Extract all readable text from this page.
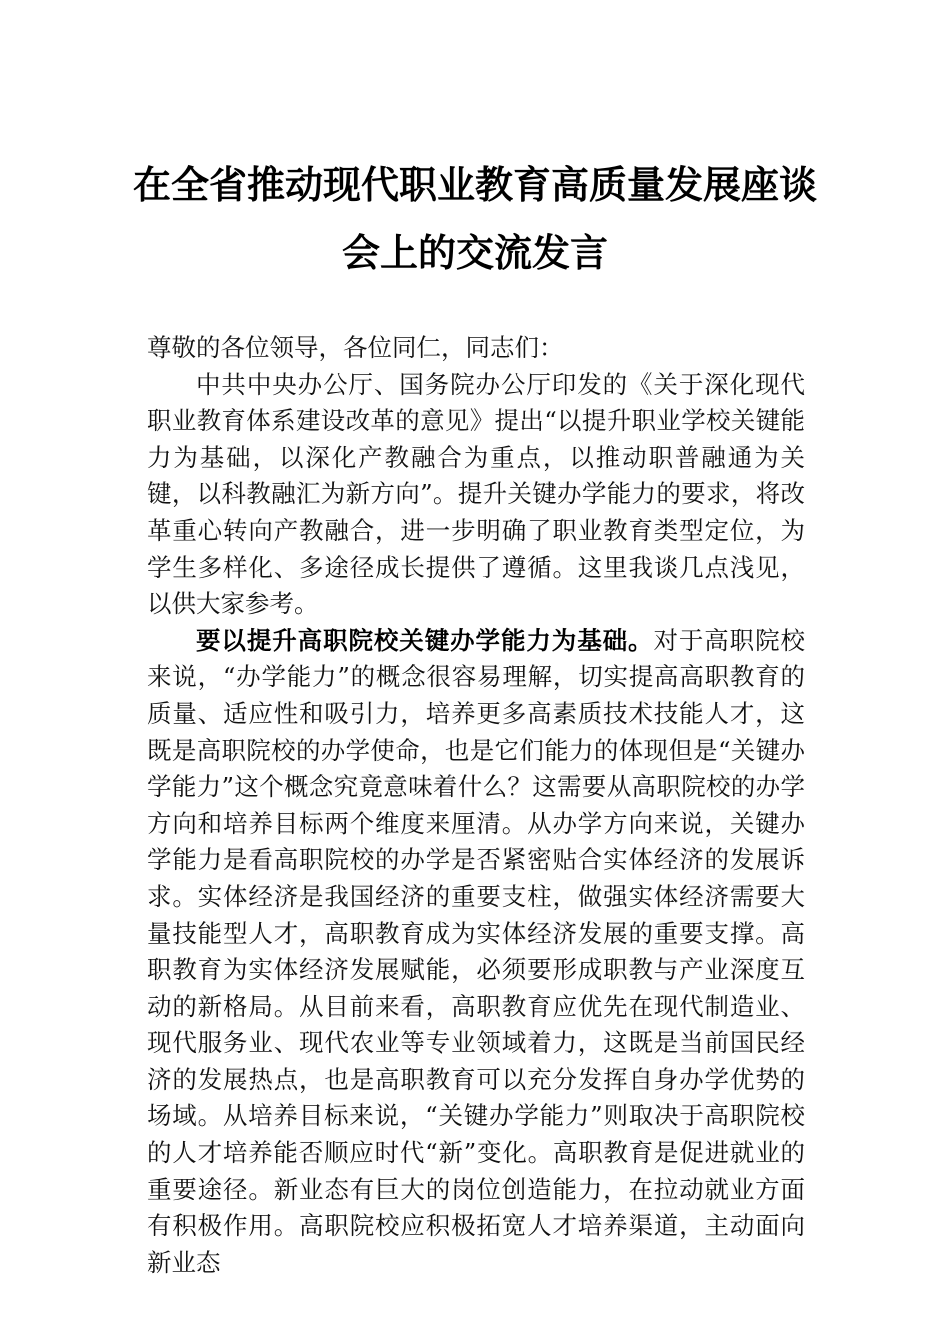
在全省推动现代职业教育高质量发展座谈
会上的交流发言

尊敬的各位领导，各位同仁，同志们：

中共中央办公厅、国务院办公厅印发的《关于深化现代职业教育体系建设改革的意见》提出“以提升职业学校关键能力为基础，以深化产教融合为重点，以推动职普融通为关键，以科教融汇为新方向”。提升关键办学能力的要求，将改革重心转向产教融合，进一步明确了职业教育类型定位，为学生多样化、多途径成长提供了遵循。这里我谈几点浅见，以供大家参考。

要以提升高职院校关键办学能力为基础。对于高职院校来说，“办学能力”的概念很容易理解，切实提高高职教育的质量、适应性和吸引力，培养更多高素质技术技能人才，这既是高职院校的办学使命，也是它们能力的体现但是“关键办学能力”这个概念究竟意味着什么？这需要从高职院校的办学方向和培养目标两个维度来厘清。从办学方向来说，关键办学能力是看高职院校的办学是否紧密贴合实体经济的发展诉求。实体经济是我国经济的重要支柱，做强实体经济需要大量技能型人才，高职教育成为实体经济发展的重要支撑。高职教育为实体经济发展赋能，必须要形成职教与产业深度互动的新格局。从目前来看，高职教育应优先在现代制造业、现代服务业、现代农业等专业领域着力，这既是当前国民经济的发展热点，也是高职教育可以充分发挥自身办学优势的场域。从培养目标来说，“关键办学能力”则取决于高职院校的人才培养能否顺应时代“新”变化。高职教育是促进就业的重要途径。新业态有巨大的岗位创造能力，在拉动就业方面有积极作用。高职院校应积极拓宽人才培养渠道，主动面向新业态
